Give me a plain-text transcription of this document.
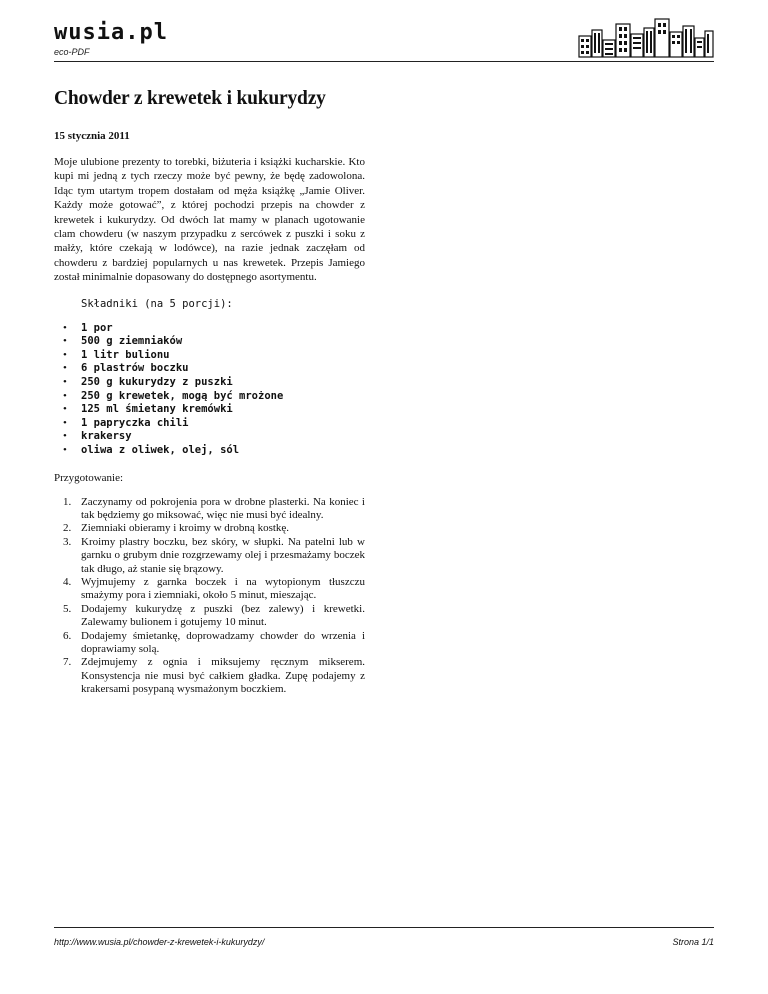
wusia.pl
eco-PDF
Chowder z krewetek i kukurydzy

15 stycznia 2011

Moje ulubione prezenty to torebki, biżuteria i książki kucharskie. Kto kupi mi jedną z tych rzeczy może być pewny, że będę zadowolona. Idąc tym utartym tropem dostałam od męża książkę „Jamie Oliver. Każdy może gotować”, z której pochodzi przepis na chowder z krewetek i kukurydzy. Od dwóch lat mamy w planach ugotowanie clam chowderu (w naszym przypadku z sercówek z puszki i soku z małży, które czekają w lodówce), na razie jednak zaczęłam od chowderu z bardziej popularnych u nas krewetek. Przepis Jamiego został minimalnie dopasowany do dostępnego asortymentu.

Składniki (na 5 porcji):
• 1 por
• 500 g ziemniaków
• 1 litr bulionu
• 6 plastrów boczku
• 250 g kukurydzy z puszki
• 250 g krewetek, mogą być mrożone
• 125 ml śmietany kremówki
• 1 papryczka chili
• krakersy
• oliwa z oliwek, olej, sól

Przygotowanie:

1. Zaczynamy od pokrojenia pora w drobne plasterki. Na koniec i tak będziemy go miksować, więc nie musi być idealny.
2. Ziemniaki obieramy i kroimy w drobną kostkę.
3. Kroimy plastry boczku, bez skóry, w słupki. Na patelni lub w garnku o grubym dnie rozgrzewamy olej i przesmażamy boczek tak długo, aż stanie się brązowy.
4. Wyjmujemy z garnka boczek i na wytopionym tłuszczu smażymy pora i ziemniaki, około 5 minut, mieszając.
5. Dodajemy kukurydzę z puszki (bez zalewy) i krewetki. Zalewamy bulionem i gotujemy 10 minut.
6. Dodajemy śmietankę, doprowadzamy chowder do wrzenia i doprawiamy solą.
7. Zdejmujemy z ognia i miksujemy ręcznym mikserem. Konsystencja nie musi być całkiem gładka. Zupę podajemy z krakersami posypaną wysmażonym boczkiem.
http://www.wusia.pl/chowder-z-krewetek-i-kukurydzy/	Strona 1/1
